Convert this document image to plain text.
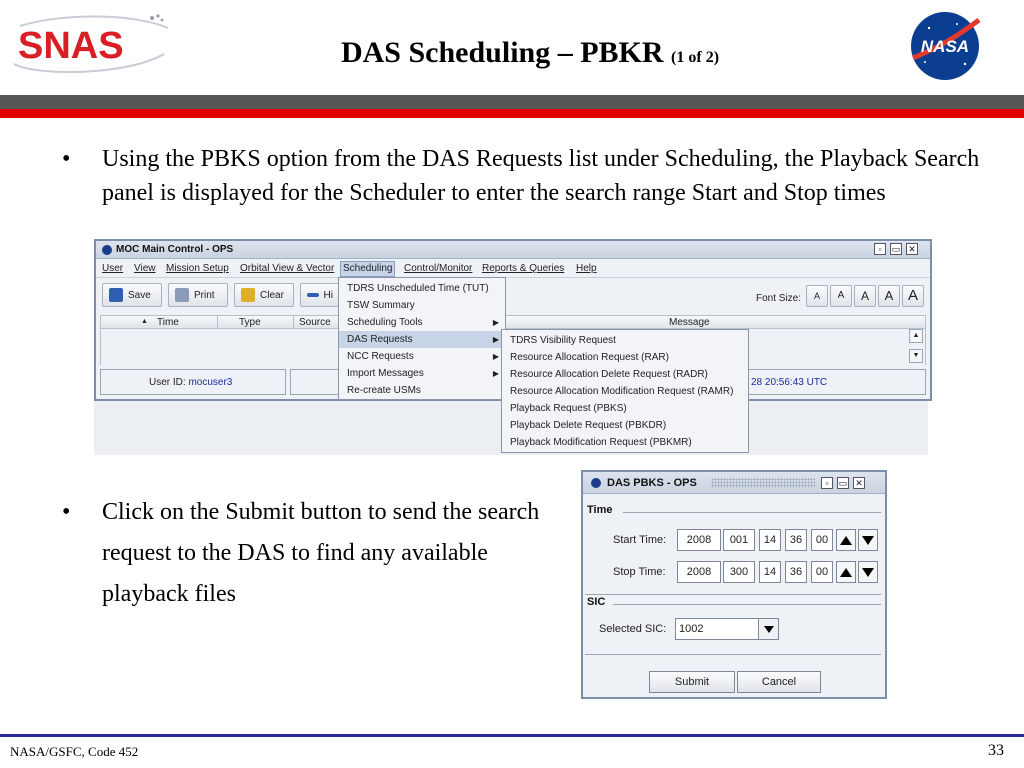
SNAS	DAS Scheduling – PBKR (1 of 2)
NASA
• Using the PBKS option from the DAS Requests list under Scheduling, the Playback Search panel is displayed for the Scheduler to enter the search range Start and Stop times
MOC Main Control - OPS	▫	▭ ✕
User View Mission Setup Orbital View & Vector Scheduling	Control/Monitor Reports & Queries Help
Save	Print	Clear	Hi	Font Size:	A	A	A	A A
▲ Time	Type	Source	Message
▲
▼
User ID: mocuser3	28 20:56:43 UTC
TDRS Unscheduled Time (TUT)
TSW Summary
Scheduling Tools	▶
DAS Requests	▶
NCC Requests	▶
Import Messages	▶
Re-create USMs
TDRS Visibility Request
Resource Allocation Request (RAR)
Resource Allocation Delete Request (RADR)
Resource Allocation Modification Request (RAMR)
Playback Request (PBKS)
Playback Delete Request (PBKDR)
Playback Modification Request (PBKMR)
• Click on the Submit button to send the search request to the DAS to find any available playback files
DAS PBKS - OPS	▫	▭ ✕
Time
Start Time:	2008	001	14	36	00
Stop Time:	2008	300	14	36	00
SIC
Selected SIC:	1002
Submit	Cancel
NASA/GSFC, Code 452	33
